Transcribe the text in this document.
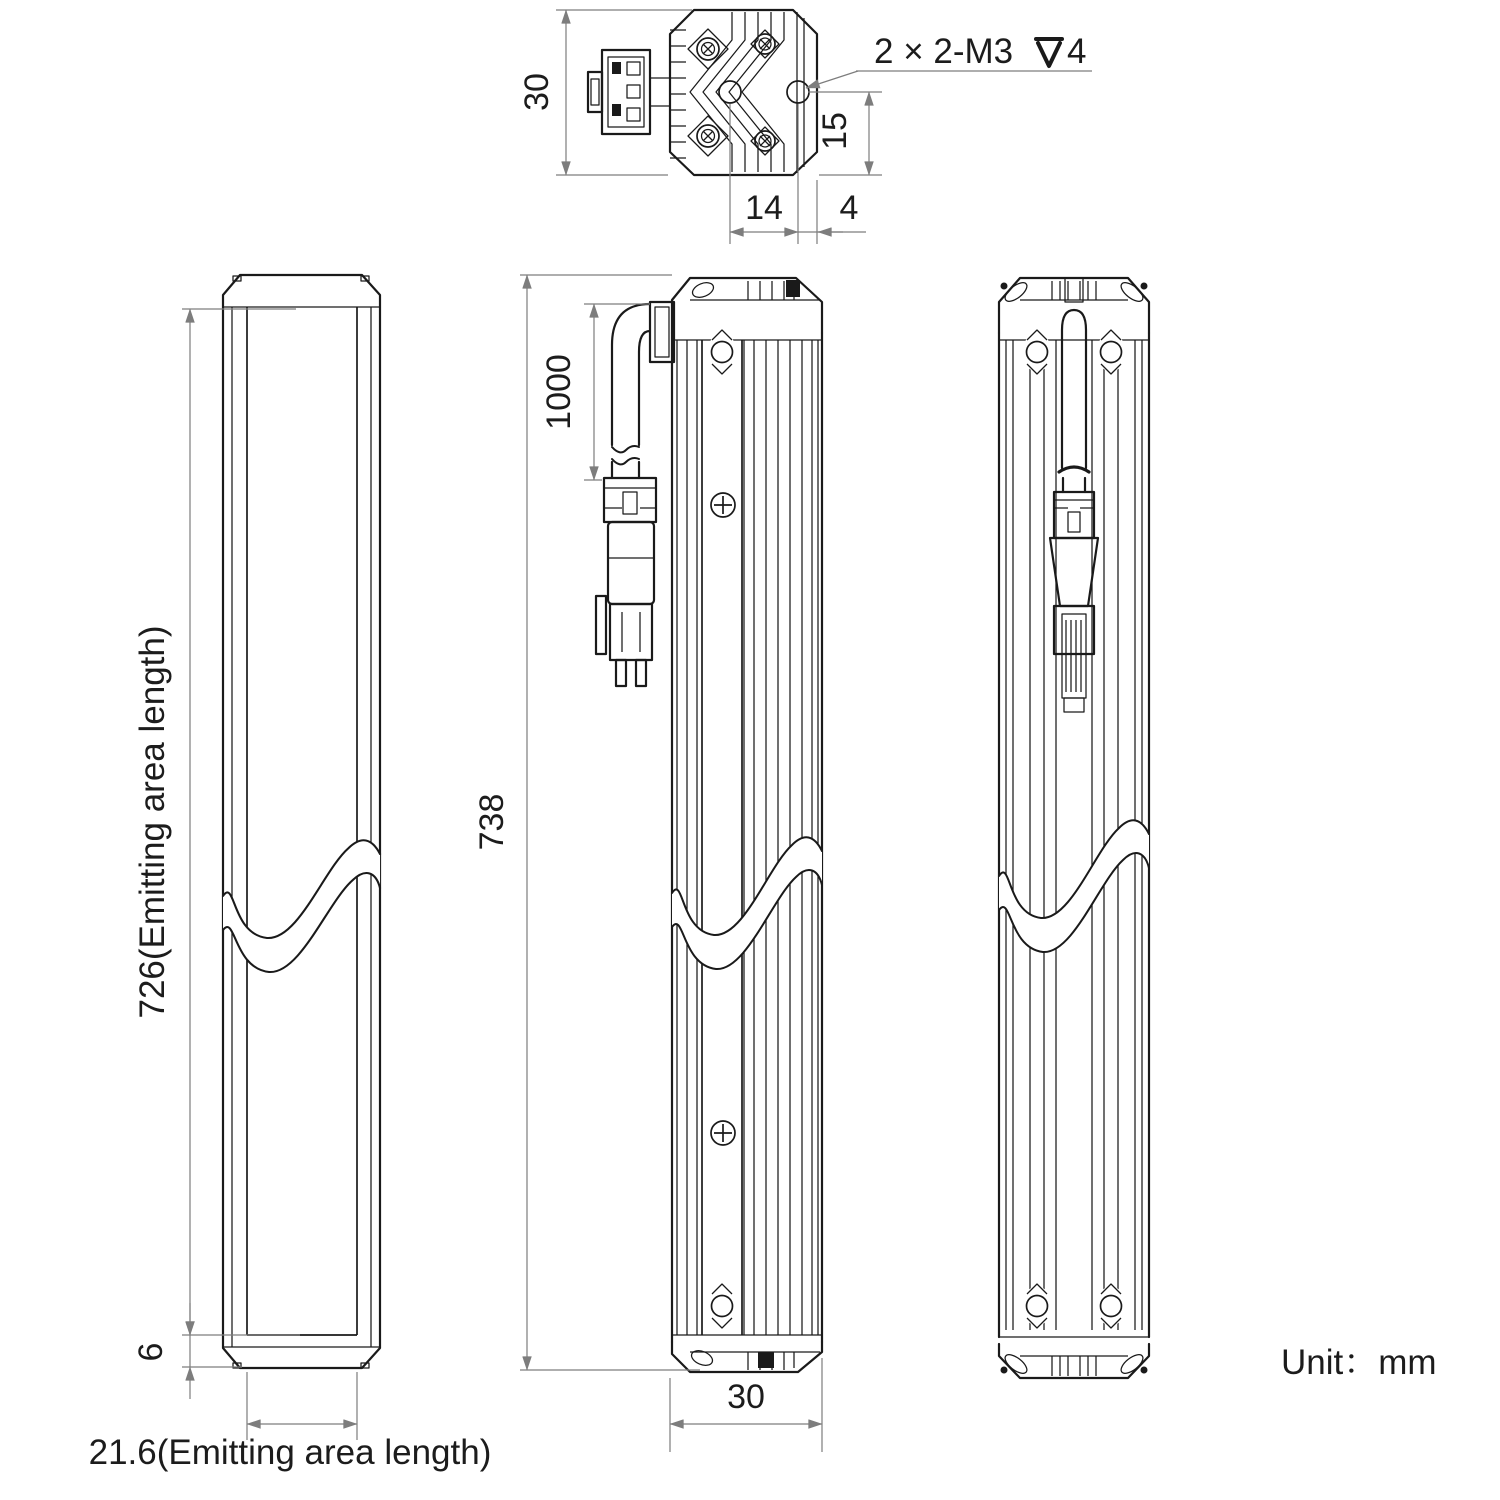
30
15
14 4
2 × 2-M3 4
726(Emitting area length)
6
21.6(Emitting area length)
738
1000
30
Unit：mm
